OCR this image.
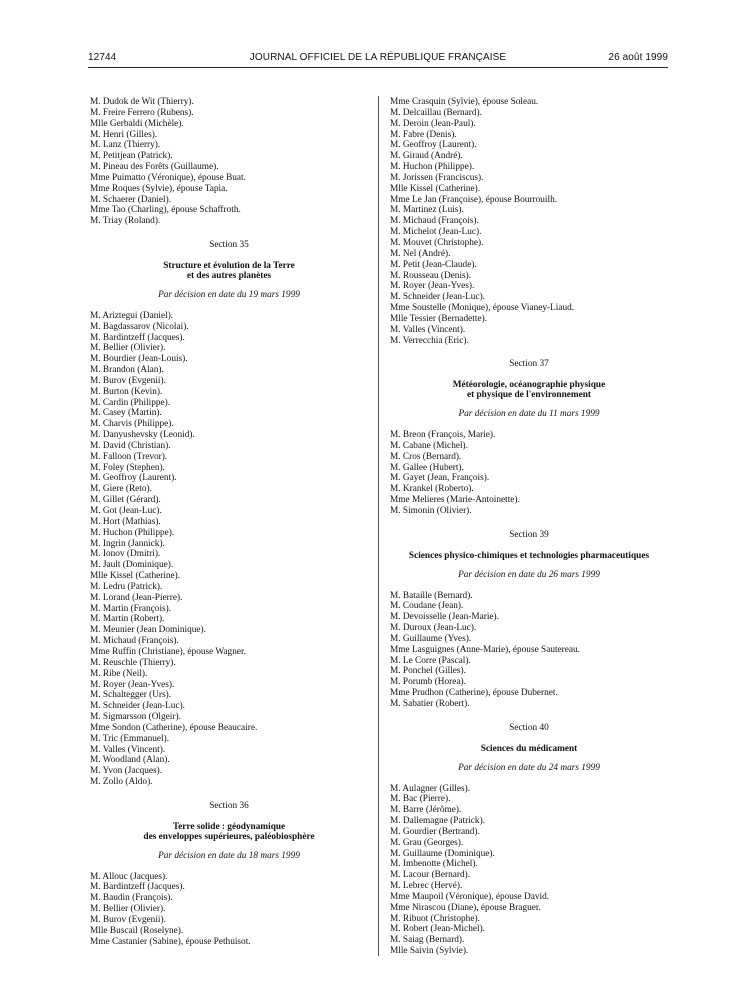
12744	JOURNAL OFFICIEL DE LA RÉPUBLIQUE FRANÇAISE	26 août 1999
M. Dudok de Wit (Thierry).
M. Freire Ferrero (Rubens).
Mlle Gerbaldi (Michèle).
M. Henri (Gilles).
M. Lanz (Thierry).
M. Petitjean (Patrick).
M. Pineau des Forêts (Guillaume).
Mme Puimatto (Véronique), épouse Buat.
Mme Roques (Sylvie), épouse Tapia.
M. Schaerer (Daniel).
Mme Tao (Charling), épouse Schaffroth.
M. Triay (Roland).
Section 35
Structure et évolution de la Terre
et des autres planètes
Par décision en date du 19 mars 1999
M. Ariztegui (Daniel).
M. Bagdassarov (Nicolai).
M. Bardintzeff (Jacques).
M. Bellier (Olivier).
M. Bourdier (Jean-Louis).
M. Brandon (Alan).
M. Burov (Evgenii).
M. Burton (Kevin).
M. Cardin (Philippe).
M. Casey (Martin).
M. Charvis (Philippe).
M. Danyushevsky (Leonid).
M. David (Christian).
M. Falloon (Trevor).
M. Foley (Stephen).
M. Geoffroy (Laurent).
M. Giere (Reto).
M. Gillet (Gérard).
M. Got (Jean-Luc).
M. Hort (Mathias).
M. Huchon (Philippe).
M. Ingrin (Jannick).
M. Ionov (Dmitri).
M. Jault (Dominique).
Mlle Kissel (Catherine).
M. Ledru (Patrick).
M. Lorand (Jean-Pierre).
M. Martin (François).
M. Martin (Robert).
M. Meunier (Jean Dominique).
M. Michaud (François).
Mme Ruffin (Christiane), épouse Wagner.
M. Reuschle (Thierry).
M. Ribe (Neil).
M. Royer (Jean-Yves).
M. Schaltegger (Urs).
M. Schneider (Jean-Luc).
M. Sigmarsson (Olgeir).
Mme Sondon (Catherine), épouse Beaucaire.
M. Tric (Emmanuel).
M. Valles (Vincent).
M. Woodland (Alan).
M. Yvon (Jacques).
M. Zollo (Aldo).
Section 36
Terre solide : géodynamique
des enveloppes supérieures, paléobiosphère
Par décision en date du 18 mars 1999
M. Allouc (Jacques).
M. Bardintzeff (Jacques).
M. Baudin (François).
M. Bellier (Olivier).
M. Burov (Evgenii).
Mlle Buscail (Roselyne).
Mme Castanier (Sabine), épouse Pethuisot.
Mme Crasquin (Sylvie), épouse Soleau.
M. Delcaillau (Bernard).
M. Deroin (Jean-Paul).
M. Fabre (Denis).
M. Geoffroy (Laurent).
M. Giraud (André).
M. Huchon (Philippe).
M. Jorissen (Franciscus).
Mlle Kissel (Catherine).
Mme Le Jan (Françoise), épouse Bourrouilh.
M. Martinez (Luis).
M. Michaud (François).
M. Michelot (Jean-Luc).
M. Mouvet (Christophe).
M. Nel (André).
M. Petit (Jean-Claude).
M. Rousseau (Denis).
M. Royer (Jean-Yves).
M. Schneider (Jean-Luc).
Mme Soustelle (Monique), épouse Vianey-Liaud.
Mlle Tessier (Bernadette).
M. Valles (Vincent).
M. Verrecchia (Eric).
Section 37
Météorologie, océanographie physique
et physique de l'environnement
Par décision en date du 11 mars 1999
M. Breon (François, Marie).
M. Cabane (Michel).
M. Cros (Bernard).
M. Gallee (Hubert).
M. Gayet (Jean, François).
M. Krankel (Roberto).
Mme Melieres (Marie-Antoinette).
M. Simonin (Olivier).
Section 39
Sciences physico-chimiques et technologies pharmaceutiques
Par décision en date du 26 mars 1999
M. Bataille (Bernard).
M. Coudane (Jean).
M. Devoisselle (Jean-Marie).
M. Duroux (Jean-Luc).
M. Guillaume (Yves).
Mme Lasguignes (Anne-Marie), épouse Sautereau.
M. Le Corre (Pascal).
M. Ponchel (Gilles).
M. Porumb (Horea).
Mme Prudhon (Catherine), épouse Dubernet.
M. Sabatier (Robert).
Section 40
Sciences du médicament
Par décision en date du 24 mars 1999
M. Aulagner (Gilles).
M. Bac (Pierre).
M. Barre (Jérôme).
M. Dallemagne (Patrick).
M. Gourdier (Bertrand).
M. Grau (Georges).
M. Guillaume (Dominique).
M. Imbenotte (Michel).
M. Lacour (Bernard).
M. Lebrec (Hervé).
Mme Maupoil (Véronique), épouse David.
Mme Nirascou (Diane), épouse Braguer.
M. Ribuot (Christophe).
M. Robert (Jean-Michel).
M. Saiag (Bernard).
Mlle Saivin (Sylvie).
